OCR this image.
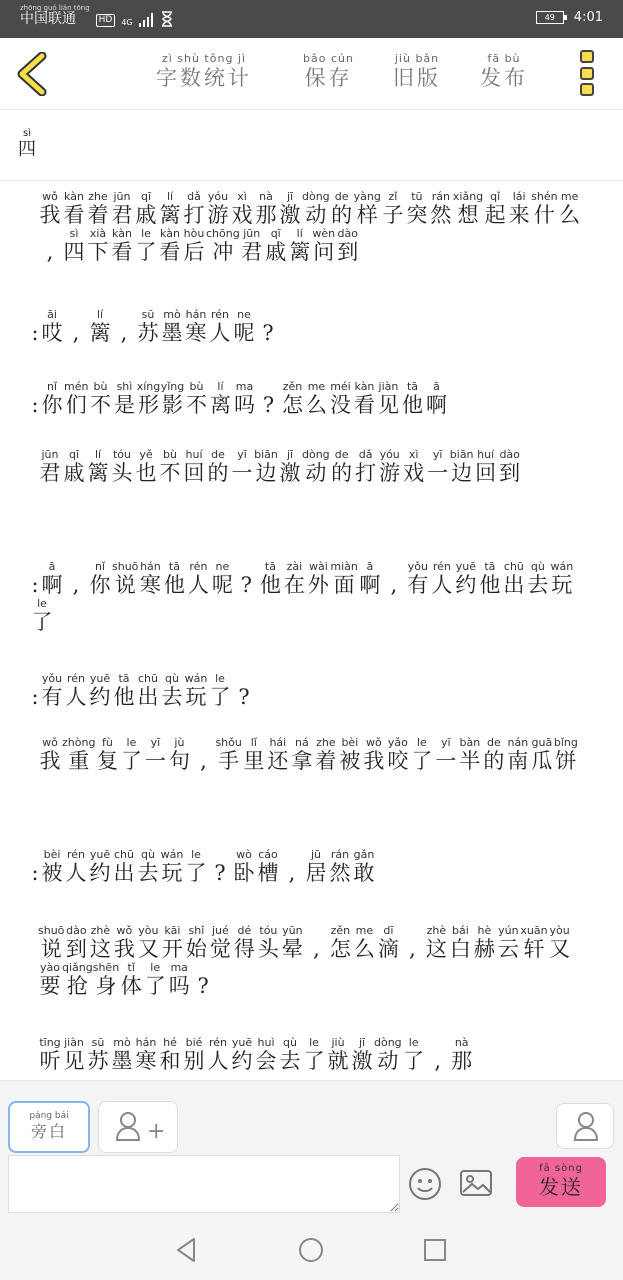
zhōng guó lián tōng
中国联通	HD	4G
49	4:01
zì shù tǒng jì
字数统计
bǎo cún
保存
jiù bǎn
旧版
fā bù
发布
sì
四
wǒ
我
kàn
看
zhe
着
jūn
君
qī
戚
lí
篱
dǎ
打
yóu
游
xì
戏
nà
那
jī
激
dòng
动
de
的
yàng
样
zǐ
子
tū
突
rán
然
xiǎng
想
qǐ
起
lái
来
shén
什
me
么
,
sì
四
xià
下
kàn
看
le
了
kàn
看
hòu
后
chōng
冲
jūn
君
qī
戚
lí
篱
wèn
问
dào
到
:
āi
哎 ,
lí
篱 ,
sū
苏
mò
墨
hán
寒
rén
人
ne
呢 ?
:
nǐ
你
mén
们
bù
不
shì
是
xíng
形
yǐng
影
bù
不
lí
离
ma
吗 ?
zěn
怎
me
么
méi
没
kàn
看
jiàn
见
tā
他
ā
啊
jūn
君
qī
戚
lí
篱
tóu
头
yě
也
bù
不
huí
回
de
的
yī
一
biān
边
jī
激
dòng
动
de
的
dǎ
打
yóu
游
xì
戏
yī
一
biān
边
huí
回
dào
到
:
ā
啊 ,
nǐ
你
shuō
说
hán
寒
tā
他
rén
人
ne
呢 ?
tā
他
zài
在
wài
外
miàn
面
ā
啊 ,
yǒu
有
rén
人
yuē
约
tā
他
chū
出
qù
去
wán
玩
le
了
:
yǒu
有
rén
人
yuē
约
tā
他
chū
出
qù
去
wán
玩
le
了 ?
wǒ
我
zhòng
重
fù
复
le
了
yī
一
jù
句 ,
shǒu
手
lǐ
里
hái
还
ná
拿
zhe
着
bèi
被
wǒ
我
yǎo
咬
le
了
yī
一
bàn
半
de
的
nán
南
guā
瓜
bǐng
饼
:
bèi
被
rén
人
yuē
约
chū
出
qù
去
wán
玩
le
了 ?
wò
卧
cáo
槽 ,
jū
居
rán
然
gǎn
敢
shuō
说
dào
到
zhè
这
wǒ
我
yòu
又
kāi
开
shǐ
始
jué
觉
dé
得
tóu
头
yūn
晕 ,
zěn
怎
me
么
dī
滴 ,
zhè
这
bái
白
hè
赫
yún
云
xuān
轩
yòu
又
yào
要
qiǎng
抢
shēn
身
tǐ
体
le
了
ma
吗 ?
tīng
听
jiàn
见
sū
苏
mò
墨
hán
寒
hé
和
bié
别
rén
人
yuē
约
huì
会
qù
去
le
了
jiù
就
jī
激
dòng
动
le
了 ,
nà
那
páng bái
旁白	+
fā sòng
发送
